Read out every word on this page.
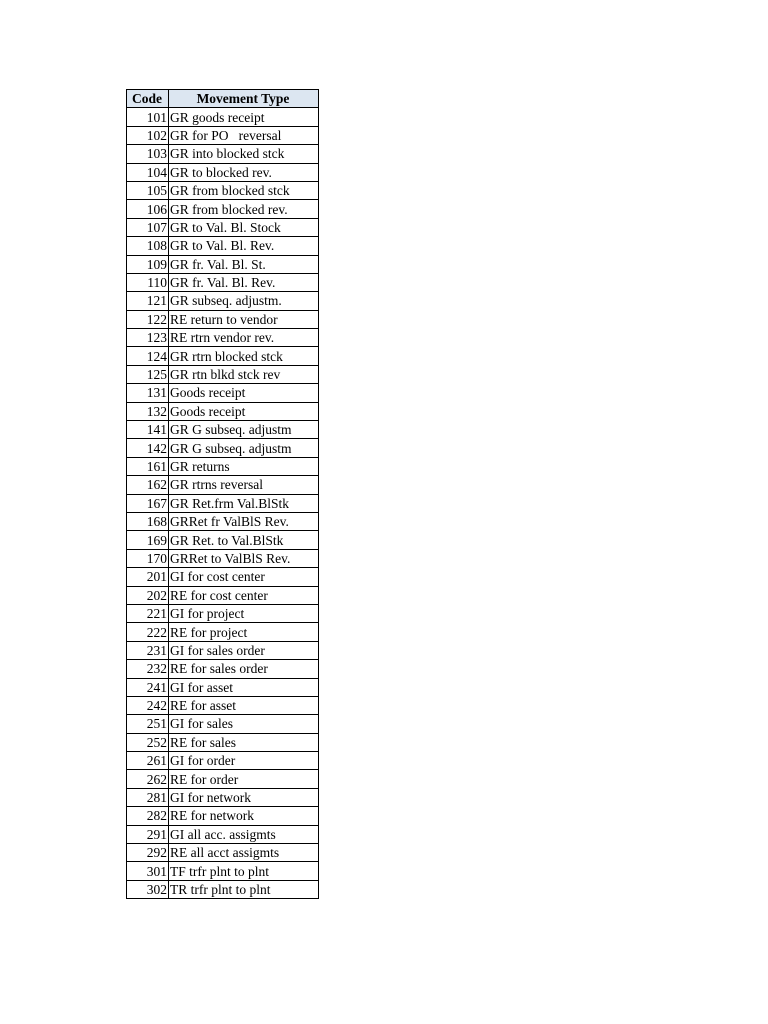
Code	Movement Type
101	GR goods receipt
102	GR for PO   reversal
103	GR into blocked stck
104	GR to blocked rev.
105	GR from blocked stck
106	GR from blocked rev.
107	GR to Val. Bl. Stock
108	GR to Val. Bl. Rev.
109	GR fr. Val. Bl. St.
110	GR fr. Val. Bl. Rev.
121	GR subseq. adjustm.
122	RE return to vendor
123	RE rtrn vendor rev.
124	GR rtrn blocked stck
125	GR rtn blkd stck rev
131	Goods receipt
132	Goods receipt
141	GR G subseq. adjustm
142	GR G subseq. adjustm
161	GR returns
162	GR rtrns reversal
167	GR Ret.frm Val.BlStk
168	GRRet fr ValBlS Rev.
169	GR Ret. to Val.BlStk
170	GRRet to ValBlS Rev.
201	GI for cost center
202	RE for cost center
221	GI for project
222	RE for project
231	GI for sales order
232	RE for sales order
241	GI for asset
242	RE for asset
251	GI for sales
252	RE for sales
261	GI for order
262	RE for order
281	GI for network
282	RE for network
291	GI all acc. assigmts
292	RE all acct assigmts
301	TF trfr plnt to plnt
302	TR trfr plnt to plnt
